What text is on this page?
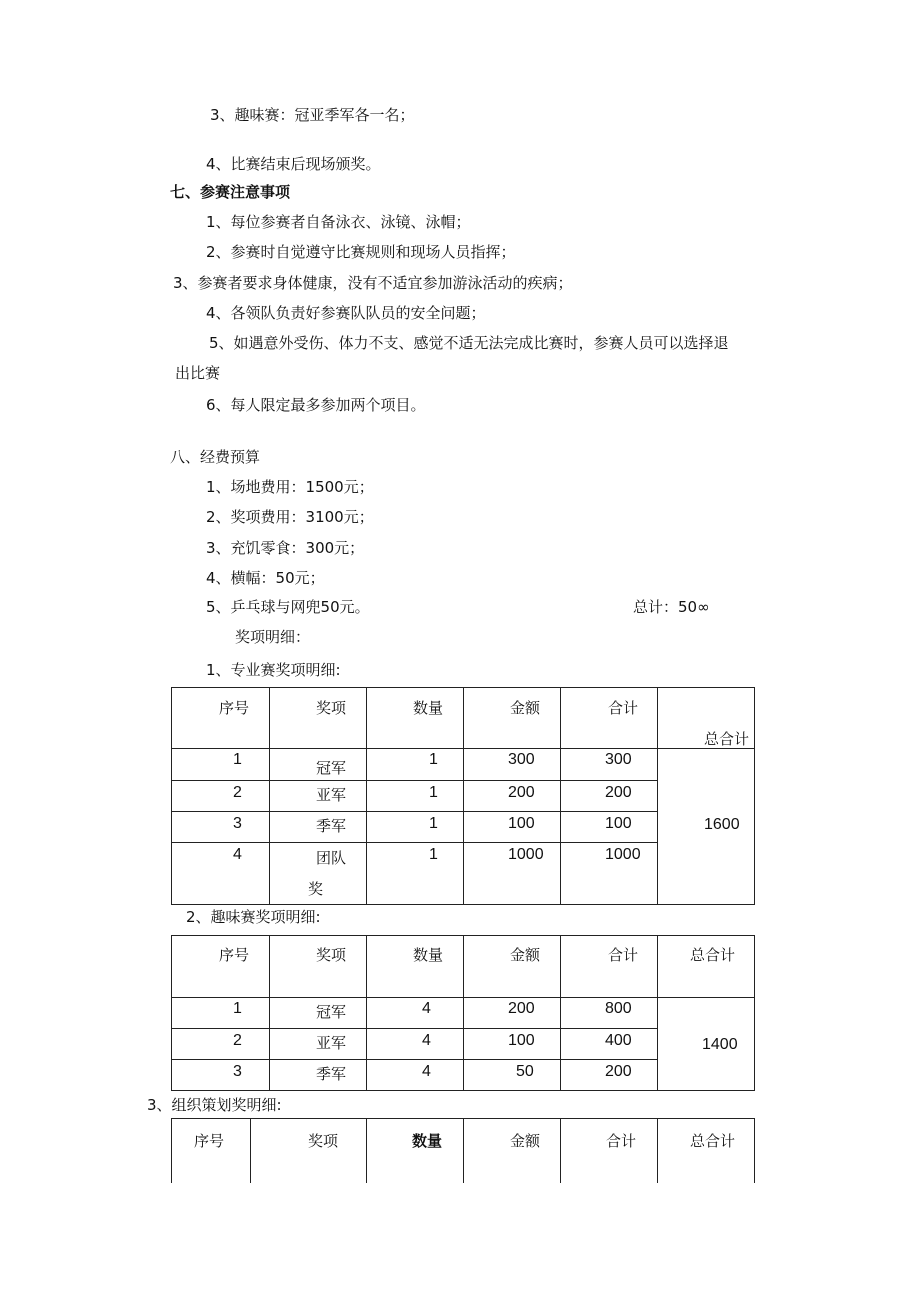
3、趣味赛：冠亚季军各一名；
4、比赛结束后现场颁奖。
七、参赛注意事项
1、每位参赛者自备泳衣、泳镜、泳帽；
2、参赛时自觉遵守比赛规则和现场人员指挥；
3、参赛者要求身体健康，没有不适宜参加游泳活动的疾病；
4、各领队负责好参赛队队员的安全问题；
5、如遇意外受伤、体力不支、感觉不适无法完成比赛时，参赛人员可以选择退
出比赛
6、每人限定最多参加两个项目。
八、经费预算
1、场地费用：1500元；
2、奖项费用：3100元；
3、充饥零食：300元；
4、横幅：50元；
5、乒乓球与网兜50元。	总计：50∞
奖项明细：
1、专业赛奖项明细:
序号	奖项	数量	金额	合计	总合计

1	冠军	1	300	300	1600

2	亚军	1	200	200	

3	季军	1	100	100	

4	团队
奖	1	1000	1000	
2、趣味赛奖项明细:
序号	奖项	数量	金额	合计	总合计

1	冠军	4	200	800	1400

2	亚军	4	100	400	

3	季军	4	50	200	
3、组织策划奖明细:
序号	奖项	数量	金额	合计	总合计
